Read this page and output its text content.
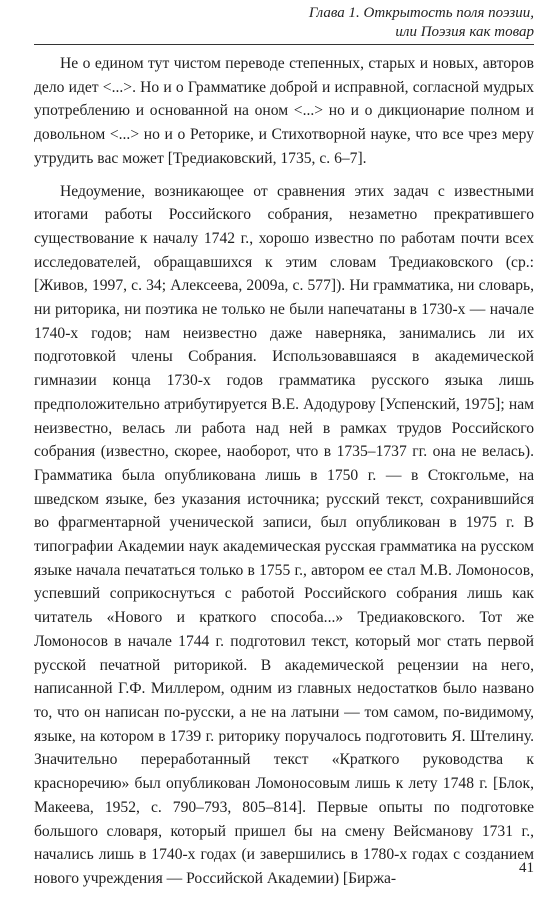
Глава 1. Открытость поля поэзии,
или Поэзия как товар

Не о едином тут чистом переводе степенных, старых и новых, авторов дело идет <...>. Но и о Грамматике доброй и исправной, согласной мудрых употреблению и основанной на оном <...> но и о дикционарие полном и довольном <...> но и о Реторике, и Стихотворной науке, что все чрез меру утрудить вас может [Тредиаковский, 1735, с. 6–7].

Недоумение, возникающее от сравнения этих задач с известными итогами работы Российского собрания, незаметно прекратившего существование к началу 1742 г., хорошо известно по работам почти всех исследователей, обращавшихся к этим словам Тредиаковского (ср.: [Живов, 1997, с. 34; Алексеева, 2009а, с. 577]). Ни грамматика, ни словарь, ни риторика, ни поэтика не только не были напечатаны в 1730-х — начале 1740-х годов; нам неизвестно даже наверняка, занимались ли их подготовкой члены Собрания. Использовавшаяся в академической гимназии конца 1730-х годов грамматика русского языка лишь предположительно атрибутируется В.Е. Адодурову [Успенский, 1975]; нам неизвестно, велась ли работа над ней в рамках трудов Российского собрания (известно, скорее, наоборот, что в 1735–1737 гг. она не велась). Грамматика была опубликована лишь в 1750 г. — в Стокгольме, на шведском языке, без указания источника; русский текст, сохранившийся во фрагментарной ученической записи, был опубликован в 1975 г. В типографии Академии наук академическая русская грамматика на русском языке начала печататься только в 1755 г., автором ее стал М.В. Ломоносов, успевший соприкоснуться с работой Российского собрания лишь как читатель «Нового и краткого способа...» Тредиаковского. Тот же Ломоносов в начале 1744 г. подготовил текст, который мог стать первой русской печатной риторикой. В академической рецензии на него, написанной Г.Ф. Миллером, одним из главных недостатков было названо то, что он написан по-русски, а не на латыни — том самом, по-видимому, языке, на котором в 1739 г. риторику поручалось подготовить Я. Штелину. Значительно переработанный текст «Краткого руководства к красноречию» был опубликован Ломоносовым лишь к лету 1748 г. [Блок, Макеева, 1952, с. 790–793, 805–814]. Первые опыты по подготовке большого словаря, который пришел бы на смену Вейсманову 1731 г., начались лишь в 1740-х годах (и завершились в 1780-х годах с созданием нового учреждения — Российской Академии) [Биржа-

41
